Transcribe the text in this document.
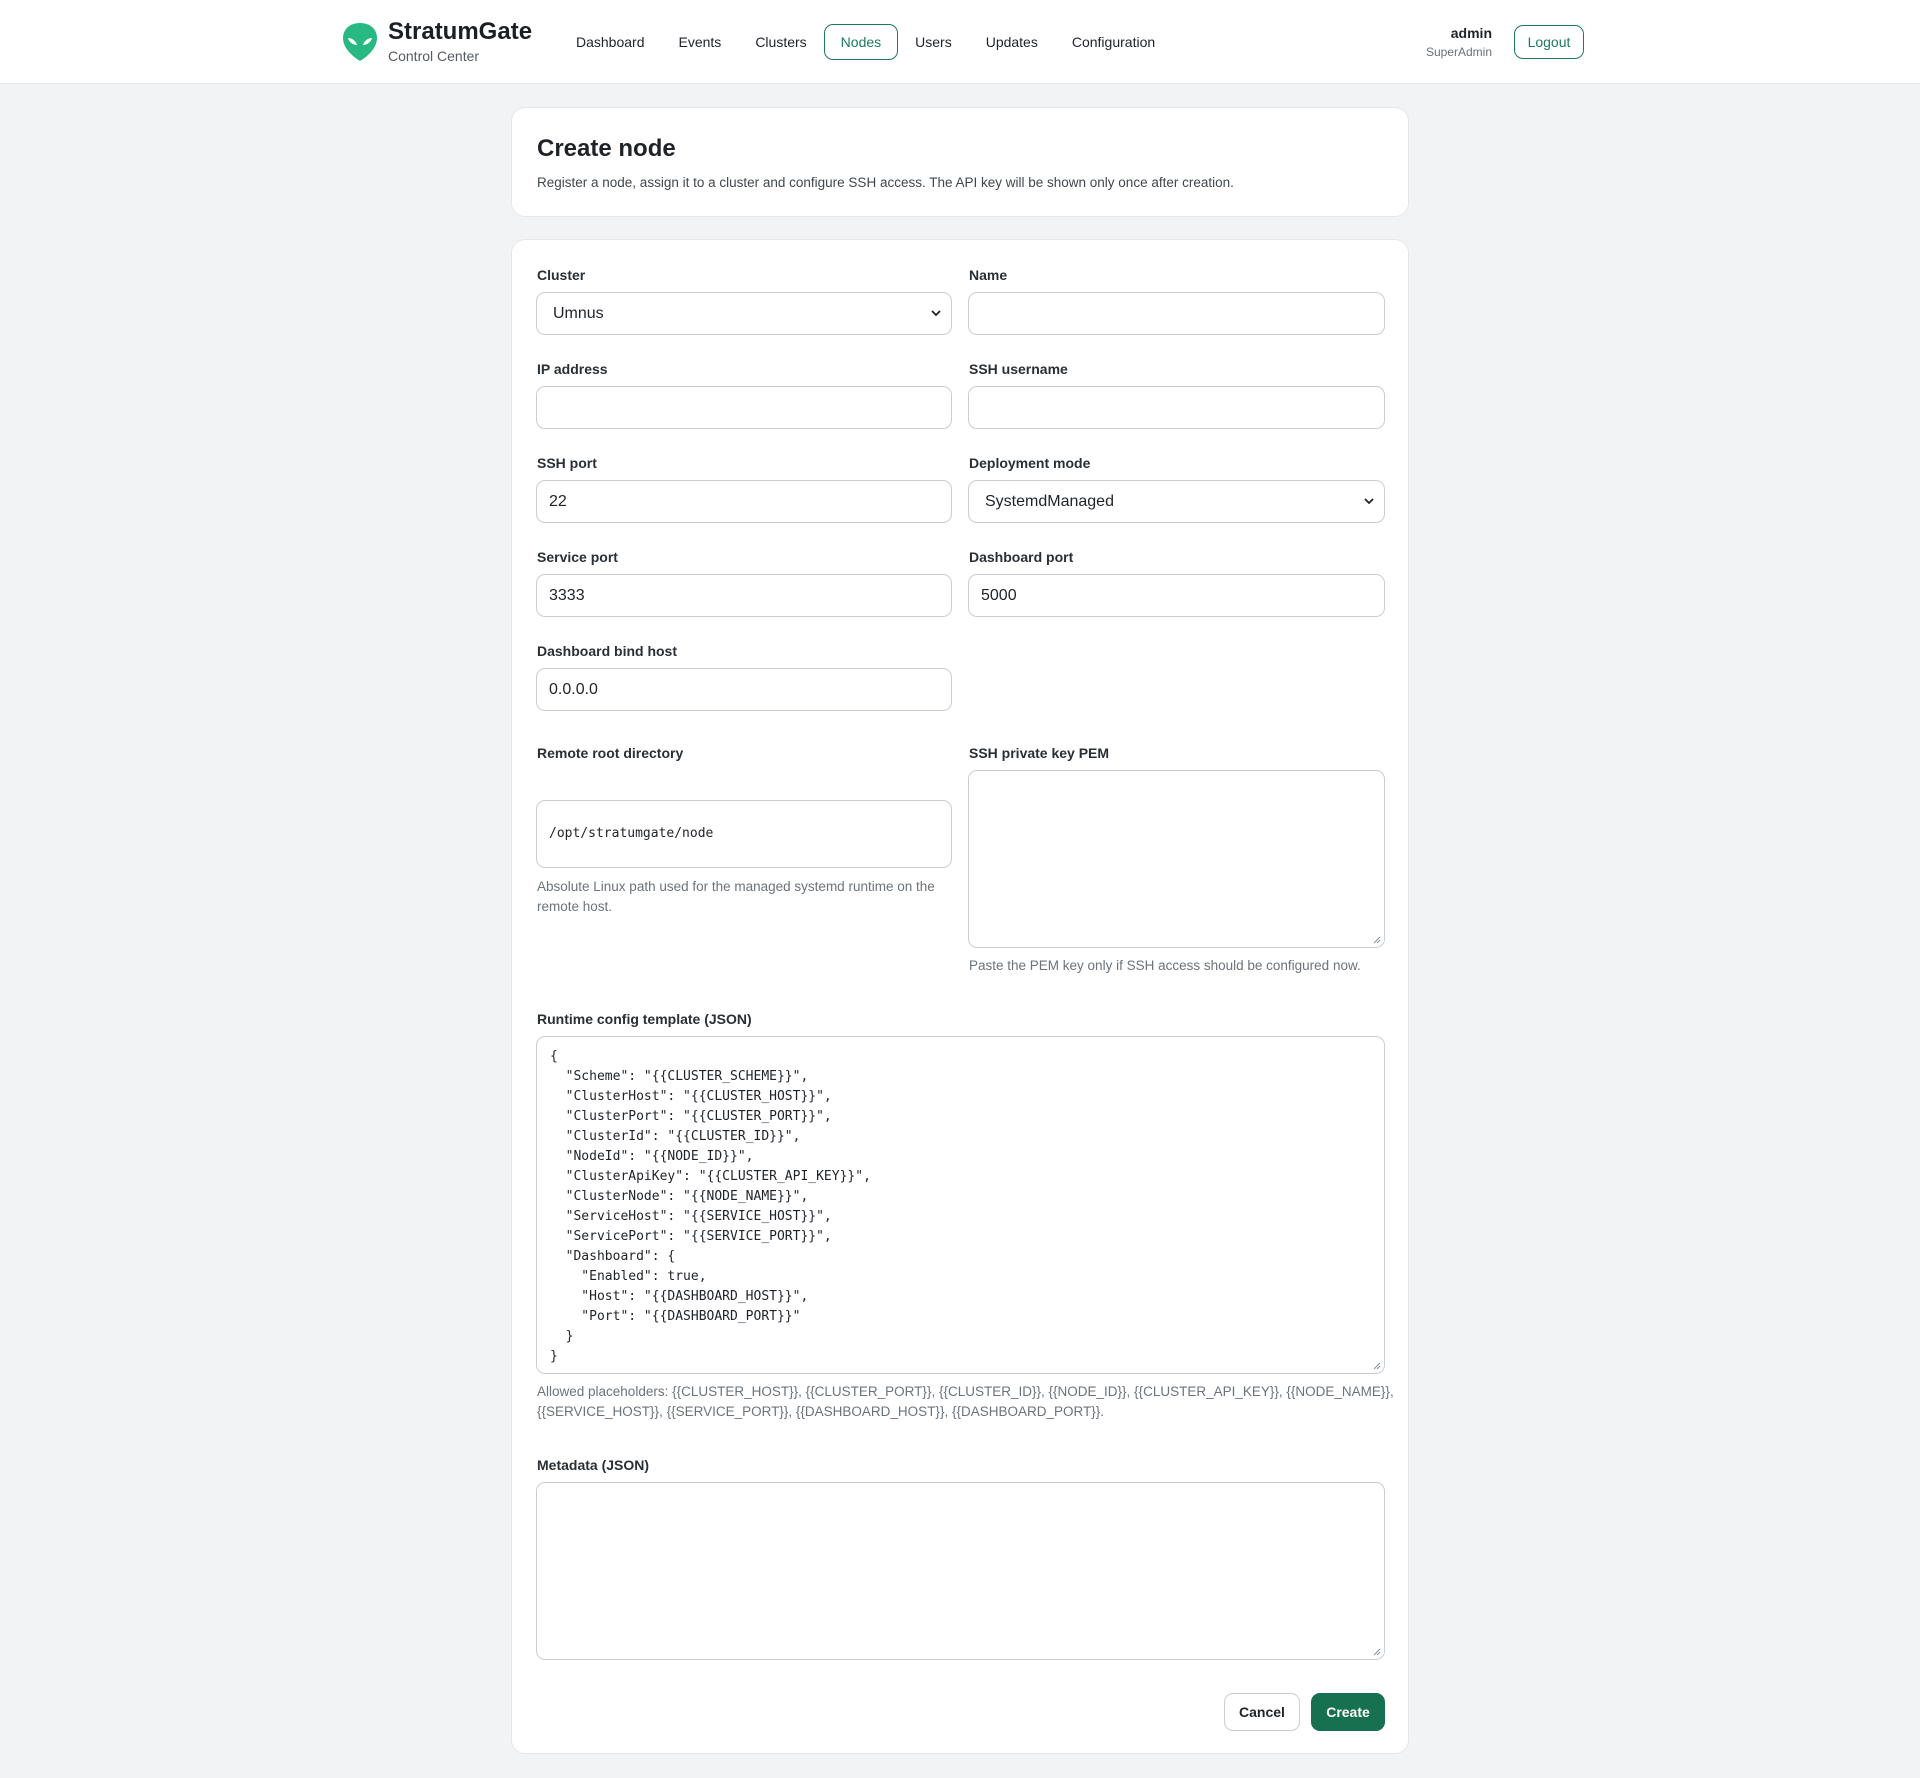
StratumGate
Control Center
Dashboard	Events	Clusters	Nodes	Users	Updates	Configuration
admin
SuperAdmin
Logout
Create node
Register a node, assign it to a cluster and configure SSH access. The API key will be shown only once after creation.
Cluster
Umnus
Name
IP address	SSH username
SSH port
22
Deployment mode
SystemdManaged
Service port
3333
Dashboard port
5000
Dashboard bind host
0.0.0.0
Remote root directory
/opt/stratumgate/node
Absolute Linux path used for the managed systemd runtime on the remote host.
SSH private key PEM
Paste the PEM key only if SSH access should be configured now.
Runtime config template (JSON)
{
"Scheme": "{{CLUSTER_SCHEME}}",
"ClusterHost": "{{CLUSTER_HOST}}",
"ClusterPort": "{{CLUSTER_PORT}}",
"ClusterId": "{{CLUSTER_ID}}",
"NodeId": "{{NODE_ID}}",
"ClusterApiKey": "{{CLUSTER_API_KEY}}",
"ClusterNode": "{{NODE_NAME}}",
"ServiceHost": "{{SERVICE_HOST}}",
"ServicePort": "{{SERVICE_PORT}}",
"Dashboard": {
"Enabled": true,
"Host": "{{DASHBOARD_HOST}}",
"Port": "{{DASHBOARD_PORT}}"
}
}
Allowed placeholders: {{CLUSTER_HOST}}, {{CLUSTER_PORT}}, {{CLUSTER_ID}}, {{NODE_ID}}, {{CLUSTER_API_KEY}}, {{NODE_NAME}},
{{SERVICE_HOST}}, {{SERVICE_PORT}}, {{DASHBOARD_HOST}}, {{DASHBOARD_PORT}}.
Metadata (JSON)
Cancel	Create
